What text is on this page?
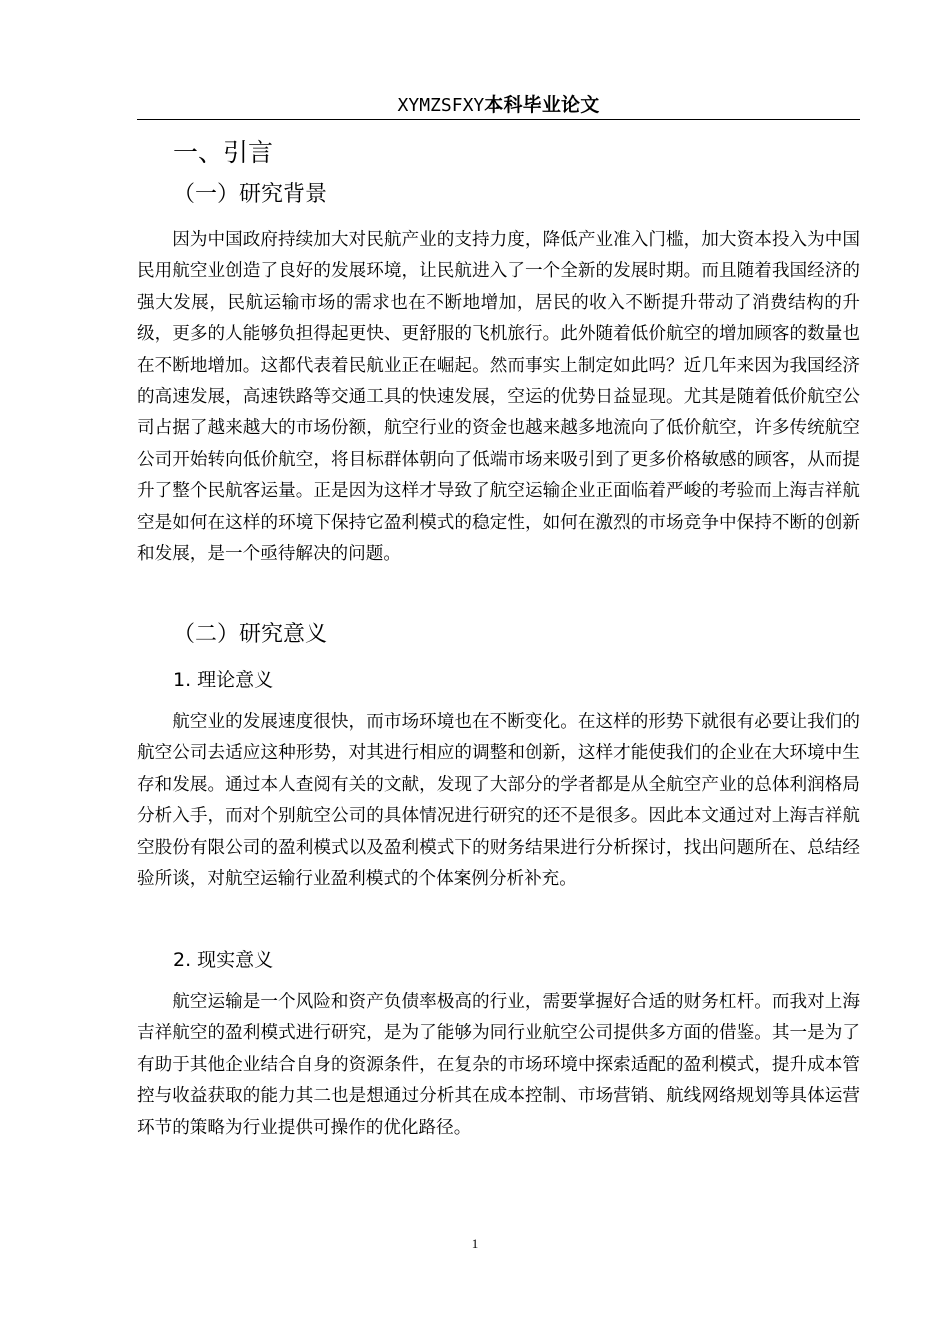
XYMZSFXY本科毕业论文
一、引言
（一）研究背景

因为中国政府持续加大对民航产业的支持力度，降低产业准入门槛，加大资本投入为中国民用航空业创造了良好的发展环境，让民航进入了一个全新的发展时期。而且随着我国经济的强大发展，民航运输市场的需求也在不断地增加，居民的收入不断提升带动了消费结构的升级，更多的人能够负担得起更快、更舒服的飞机旅行。此外随着低价航空的增加顾客的数量也在不断地增加。这都代表着民航业正在崛起。然而事实上制定如此吗？近几年来因为我国经济的高速发展，高速铁路等交通工具的快速发展，空运的优势日益显现。尤其是随着低价航空公司占据了越来越大的市场份额，航空行业的资金也越来越多地流向了低价航空，许多传统航空公司开始转向低价航空，将目标群体朝向了低端市场来吸引到了更多价格敏感的顾客，从而提升了整个民航客运量。正是因为这样才导致了航空运输企业正面临着严峻的考验而上海吉祥航空是如何在这样的环境下保持它盈利模式的稳定性，如何在激烈的市场竞争中保持不断的创新和发展，是一个亟待解决的问题。

（二）研究意义
1. 理论意义

航空业的发展速度很快，而市场环境也在不断变化。在这样的形势下就很有必要让我们的航空公司去适应这种形势，对其进行相应的调整和创新，这样才能使我们的企业在大环境中生存和发展。通过本人查阅有关的文献，发现了大部分的学者都是从全航空产业的总体利润格局分析入手，而对个别航空公司的具体情况进行研究的还不是很多。因此本文通过对上海吉祥航空股份有限公司的盈利模式以及盈利模式下的财务结果进行分析探讨，找出问题所在、总结经验所谈，对航空运输行业盈利模式的个体案例分析补充。

2. 现实意义

航空运输是一个风险和资产负债率极高的行业，需要掌握好合适的财务杠杆。而我对上海吉祥航空的盈利模式进行研究，是为了能够为同行业航空公司提供多方面的借鉴。其一是为了有助于其他企业结合自身的资源条件，在复杂的市场环境中探索适配的盈利模式，提升成本管控与收益获取的能力其二也是想通过分析其在成本控制、市场营销、航线网络规划等具体运营环节的策略为行业提供可操作的优化路径。

1
